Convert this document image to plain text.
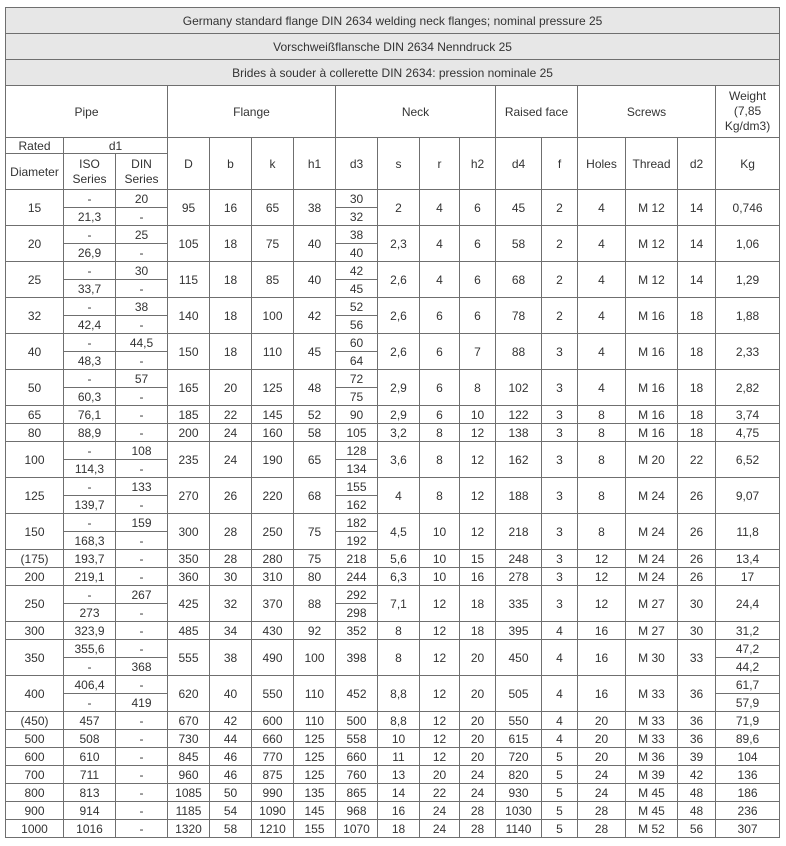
Germany standard flange DIN 2634 welding neck flanges; nominal pressure 25																
Vorschweißflansche DIN 2634 Nenndruck 25																
Brides à souder à collerette DIN 2634: pression nominale 25																
Pipe			Flange				Neck				Raised face		Screws			Weight
(7,85 Kg/dm3)

Rated	d1		D	b	k	h1	d3	s	r	h2	d4	f	Holes	Thread	d2	Kg
Diameter	ISO Series	DIN Series														
15	-	20	95	16	65	38	30	2	4	6	45	2	4	M 12	14	0,746
	21,3	-					32									
20	-	25	105	18	75	40	38	2,3	4	6	58	2	4	M 12	14	1,06
	26,9	-					40									
25	-	30	115	18	85	40	42	2,6	4	6	68	2	4	M 12	14	1,29
	33,7	-					45									
32	-	38	140	18	100	42	52	2,6	6	6	78	2	4	M 16	18	1,88
	42,4	-					56									
40	-	44,5	150	18	110	45	60	2,6	6	7	88	3	4	M 16	18	2,33
	48,3	-					64									
50	-	57	165	20	125	48	72	2,9	6	8	102	3	4	M 16	18	2,82
	60,3	-					75									
65	76,1	-	185	22	145	52	90	2,9	6	10	122	3	8	M 16	18	3,74
80	88,9	-	200	24	160	58	105	3,2	8	12	138	3	8	M 16	18	4,75
100	-	108	235	24	190	65	128	3,6	8	12	162	3	8	M 20	22	6,52
	114,3	-					134									
125	-	133	270	26	220	68	155	4	8	12	188	3	8	M 24	26	9,07
	139,7	-					162									
150	-	159	300	28	250	75	182	4,5	10	12	218	3	8	M 24	26	11,8
	168,3	-					192									
(175)	193,7	-	350	28	280	75	218	5,6	10	15	248	3	12	M 24	26	13,4
200	219,1	-	360	30	310	80	244	6,3	10	16	278	3	12	M 24	26	17
250	-	267	425	32	370	88	292	7,1	12	18	335	3	12	M 27	30	24,4
	273	-					298									
300	323,9	-	485	34	430	92	352	8	12	18	395	4	16	M 27	30	31,2
350	355,6	-	555	38	490	100	398	8	12	20	450	4	16	M 30	33	47,2
	-	368														44,2
400	406,4	-	620	40	550	110	452	8,8	12	20	505	4	16	M 33	36	61,7
	-	419														57,9
(450)	457	-	670	42	600	110	500	8,8	12	20	550	4	20	M 33	36	71,9
500	508	-	730	44	660	125	558	10	12	20	615	4	20	M 33	36	89,6
600	610	-	845	46	770	125	660	11	12	20	720	5	20	M 36	39	104
700	711	-	960	46	875	125	760	13	20	24	820	5	24	M 39	42	136
800	813	-	1085	50	990	135	865	14	22	24	930	5	24	M 45	48	186
900	914	-	1185	54	1090	145	968	16	24	28	1030	5	28	M 45	48	236
1000	1016	-	1320	58	1210	155	1070	18	24	28	1140	5	28	M 52	56	307
